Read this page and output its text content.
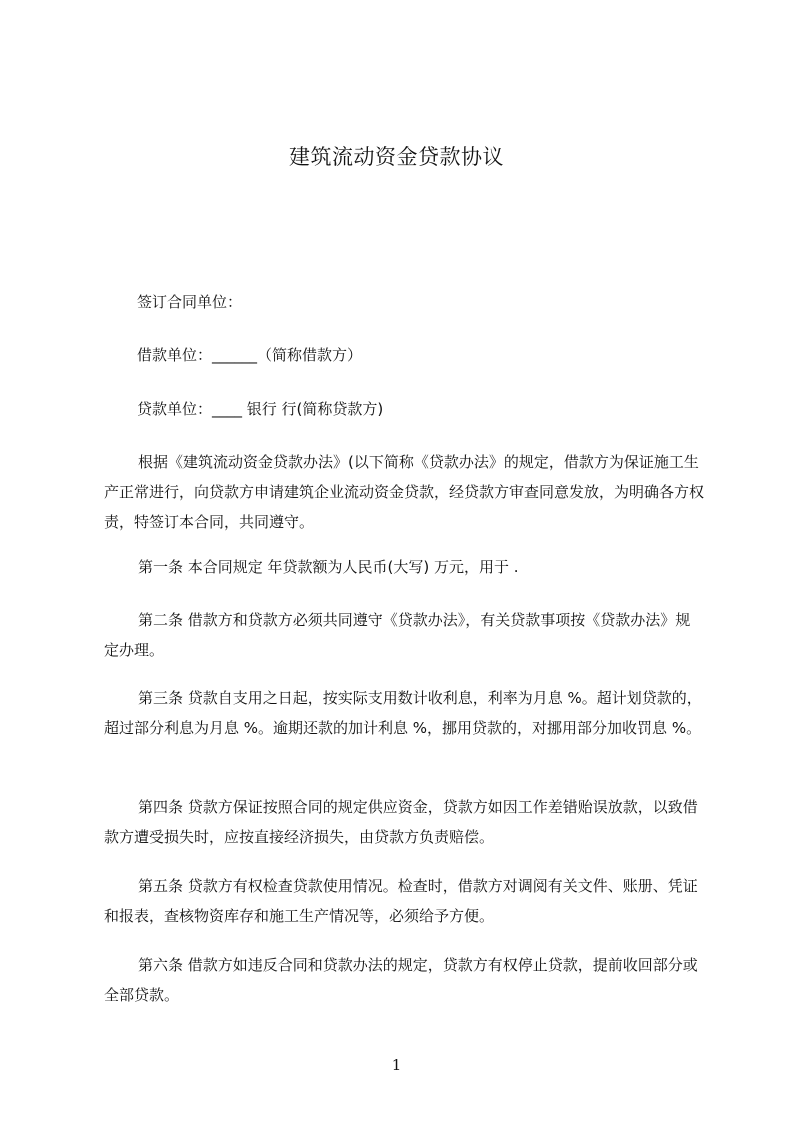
建筑流动资金贷款协议
签订合同单位：
借款单位：______（简称借款方）
贷款单位：____ 银行 行(简称贷款方)
根据《建筑流动资金贷款办法》(以下简称《贷款办法》的规定，借款方为保证施工生产正常进行，向贷款方申请建筑企业流动资金贷款，经贷款方审查同意发放，为明确各方权责，特签订本合同，共同遵守。
第一条 本合同规定 年贷款额为人民币(大写) 万元，用于 .
第二条 借款方和贷款方必须共同遵守《贷款办法》，有关贷款事项按《贷款办法》规定办理。
第三条 贷款自支用之日起，按实际支用数计收利息，利率为月息 %。超计划贷款的，超过部分利息为月息 %。逾期还款的加计利息 %，挪用贷款的，对挪用部分加收罚息 %。
第四条 贷款方保证按照合同的规定供应资金，贷款方如因工作差错贻误放款，以致借款方遭受损失时，应按直接经济损失，由贷款方负责赔偿。
第五条 贷款方有权检查贷款使用情况。检查时，借款方对调阅有关文件、账册、凭证和报表，查核物资库存和施工生产情况等，必须给予方便。
第六条 借款方如违反合同和贷款办法的规定，贷款方有权停止贷款，提前收回部分或全部贷款。
1
